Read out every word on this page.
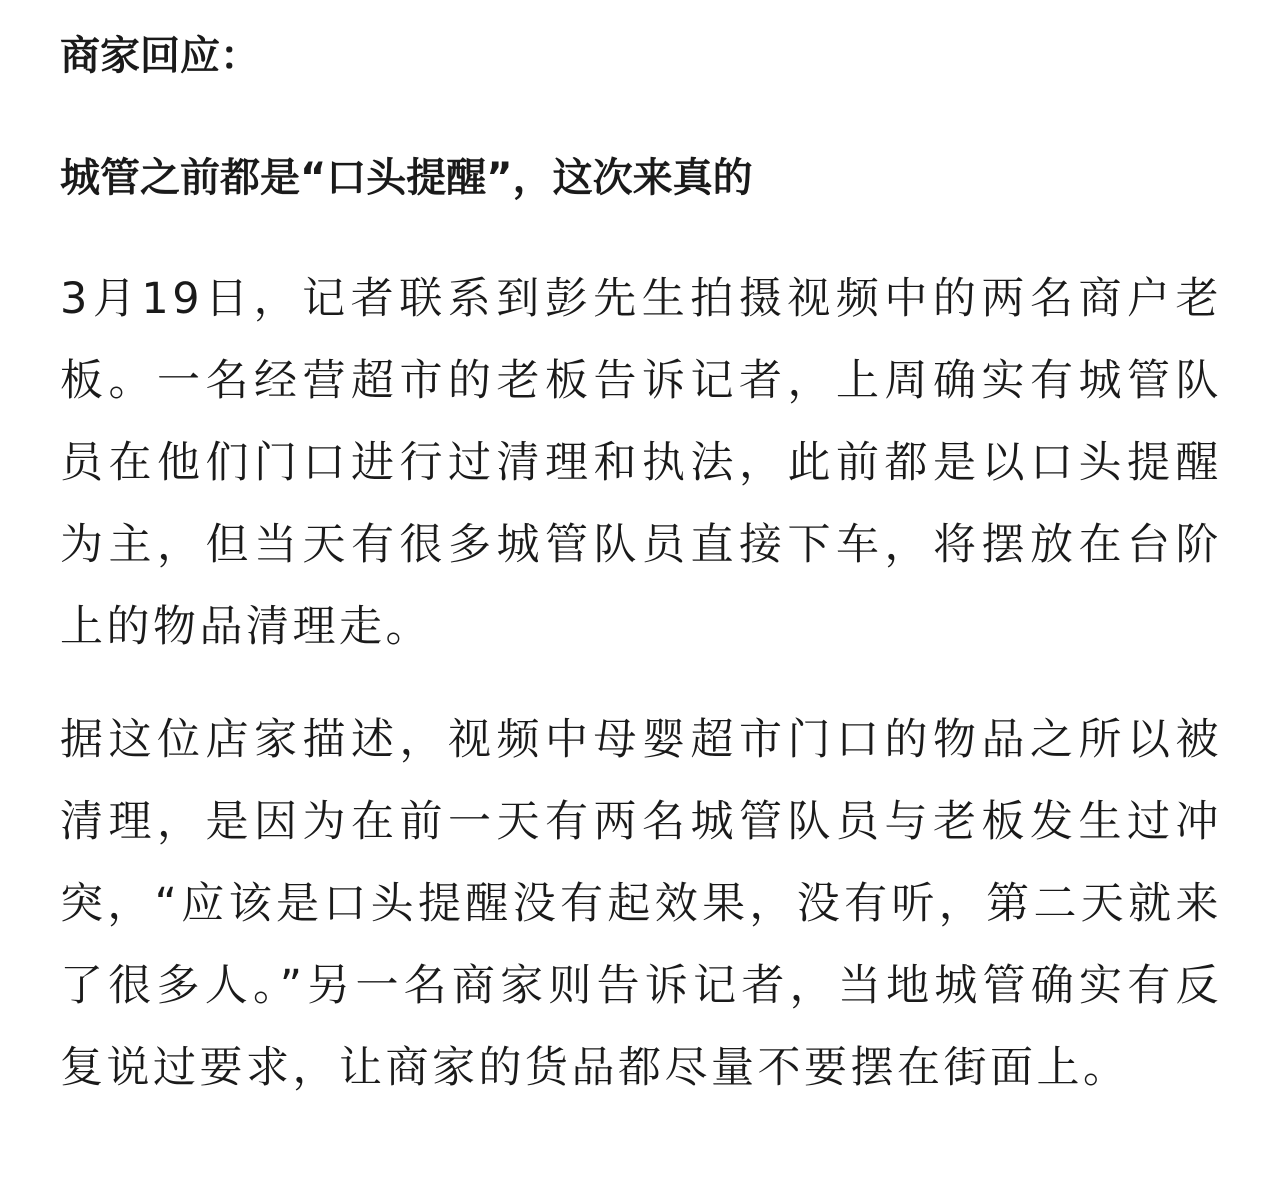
商家回应：
城管之前都是“口头提醒”，这次来真的

3月19日，记者联系到彭先生拍摄视频中的两名商户老板。一名经营超市的老板告诉记者，上周确实有城管队员在他们门口进行过清理和执法，此前都是以口头提醒为主，但当天有很多城管队员直接下车，将摆放在台阶上的物品清理走。

据这位店家描述，视频中母婴超市门口的物品之所以被清理，是因为在前一天有两名城管队员与老板发生过冲突，“应该是口头提醒没有起效果，没有听，第二天就来了很多人。”另一名商家则告诉记者，当地城管确实有反复说过要求，让商家的货品都尽量不要摆在街面上。
